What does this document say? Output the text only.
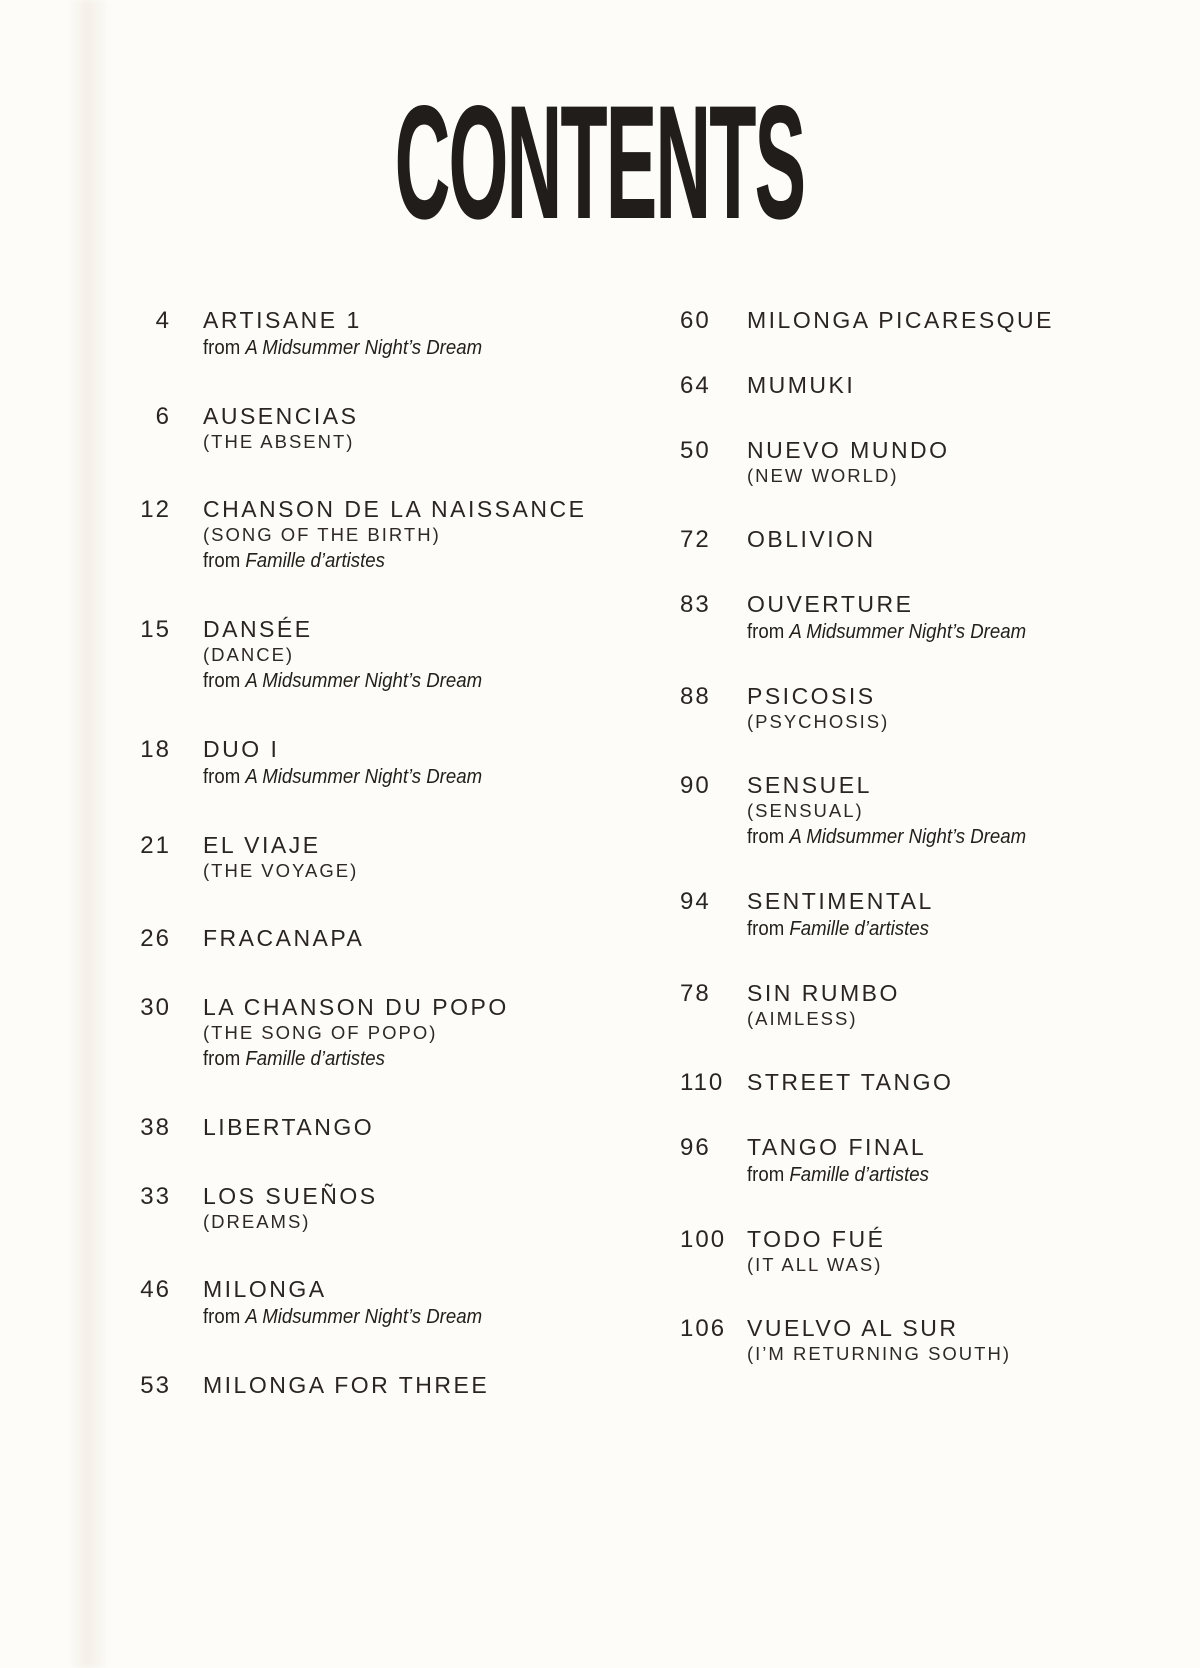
CONTENTS
4 ARTISANE 1
from A Midsummer Night’s Dream
6 AUSENCIAS
(THE ABSENT)
12 CHANSON DE LA NAISSANCE
(SONG OF THE BIRTH)
from Famille d’artistes
15 DANSÉE
(DANCE)
from A Midsummer Night’s Dream
18 DUO I
from A Midsummer Night’s Dream
21 EL VIAJE
(THE VOYAGE)
26 FRACANAPA
30 LA CHANSON DU POPO
(THE SONG OF POPO)
from Famille d’artistes
38 LIBERTANGO
33 LOS SUEÑOS
(DREAMS)
46 MILONGA
from A Midsummer Night’s Dream
53 MILONGA FOR THREE
60	MILONGA PICARESQUE
64	MUMUKI
50	NUEVO MUNDO
(NEW WORLD)
72	OBLIVION
83	OUVERTURE
from A Midsummer Night’s Dream
88	PSICOSIS
(PSYCHOSIS)
90	SENSUEL
(SENSUAL)
from A Midsummer Night’s Dream
94	SENTIMENTAL
from Famille d’artistes
78	SIN RUMBO
(AIMLESS)
110 STREET TANGO
96	TANGO FINAL
from Famille d’artistes
100 TODO FUÉ
(IT ALL WAS)
106 VUELVO AL SUR
(I’M RETURNING SOUTH)
